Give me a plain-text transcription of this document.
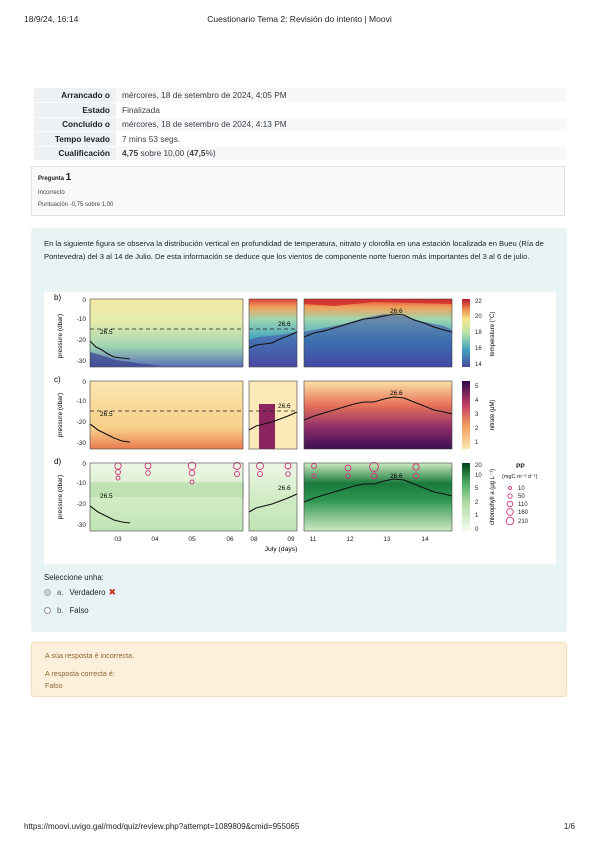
18/9/24, 16:14	Cuestionario Tema 2: Revisión do intento | Moovi
Arrancado o	mércores, 18 de setembro de 2024, 4:05 PM
Estado	Finalizada
Concluído o	mércores, 18 de setembro de 2024, 4:13 PM
Tempo levado	7 mins 53 segs.
Cualificación	4,75 sobre 10,00 (47,5%)
Pregunta 1
Incorrecto
Puntuación -0,75 sobre 1,00

En la siguiente figura se observa la distribución vertical en profundidad de temperatura, nitrato y clorofila en una estación localizada en Bueu (Ría de Pontevedra) del 3 al 14 de Julio. De esta información se deduce que los vientos de componente norte fueron más importantes del 3 al 6 de julio.

b)
c)
d)
pressure (dbar)
pressure (dbar)
pressure (dbar)
26.5
26.6
26.6
26.5
26.6
26.6
26.5
26.6
26.6
0
-10
-20
-30
0
-10
-20
-30
0
-10
-20
-30
03	04	05	06	08	09 11	12	13	14
July (days)
22
20
18
16
14
temperature (°C)
5
4
3
2
1
nitrate (μM)
20
10
5
2
1
0
chlorophyll a (μg L⁻¹)
PP
(mgC m⁻³ d⁻¹)
10
50
110
160
210
Seleccione unha:
a. Verdadero ✖
b. Falso

A súa resposta é incorrecta.

A resposta correcta é:

Falso

https://moovi.uvigo.gal/mod/quiz/review.php?attempt=1089809&cmid=955065	1/6
